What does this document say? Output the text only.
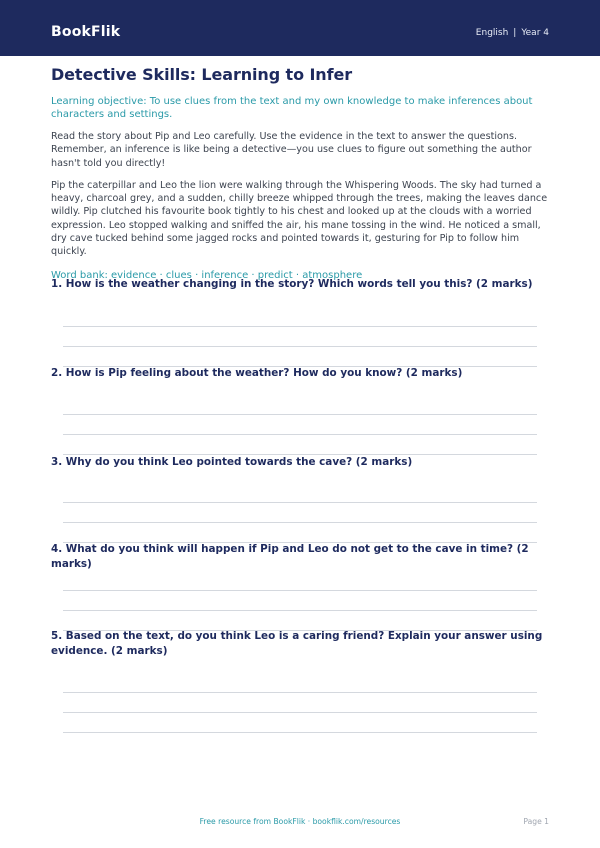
BookFlik	English | Year 4
Detective Skills: Learning to Infer

Learning objective: To use clues from the text and my own knowledge to make inferences about characters and settings.

Read the story about Pip and Leo carefully. Use the evidence in the text to answer the questions. Remember, an inference is like being a detective—you use clues to figure out something the author hasn't told you directly!

Pip the caterpillar and Leo the lion were walking through the Whispering Woods. The sky had turned a heavy, charcoal grey, and a sudden, chilly breeze whipped through the trees, making the leaves dance wildly. Pip clutched his favourite book tightly to his chest and looked up at the clouds with a worried expression. Leo stopped walking and sniffed the air, his mane tossing in the wind. He noticed a small, dry cave tucked behind some jagged rocks and pointed towards it, gesturing for Pip to follow him quickly.

Word bank: evidence · clues · inference · predict · atmosphere

1. How is the weather changing in the story? Which words tell you this? (2 marks)
2. How is Pip feeling about the weather? How do you know? (2 marks)
3. Why do you think Leo pointed towards the cave? (2 marks)
4. What do you think will happen if Pip and Leo do not get to the cave in time? (2 marks)
5. Based on the text, do you think Leo is a caring friend? Explain your answer using evidence. (2 marks)
Free resource from BookFlik · bookflik.com/resources	Page 1
